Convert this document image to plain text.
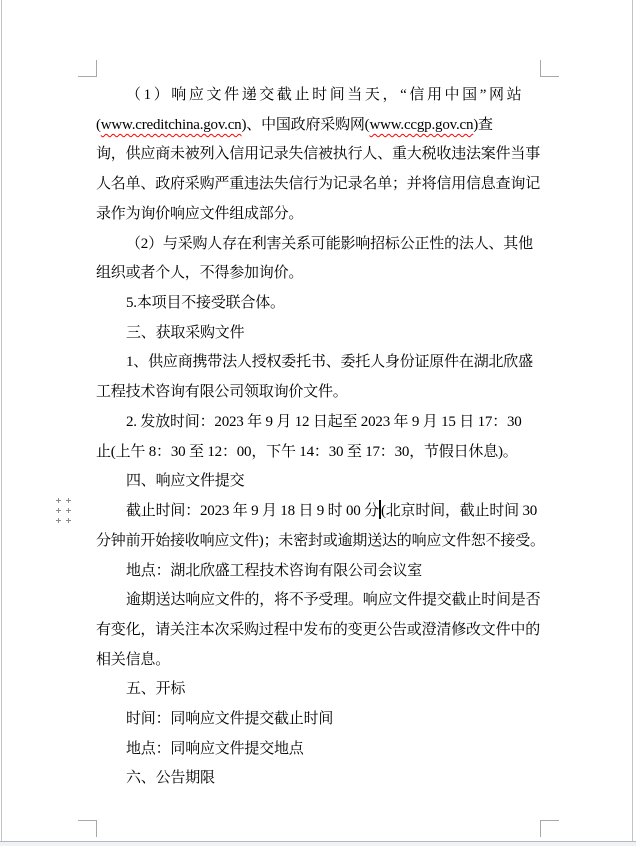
（1）响应文件递交截止时间当天，“信用中国”网站
(www.creditchina.gov.cn)、中国政府采购网(www.ccgp.gov.cn)查
询，供应商未被列入信用记录失信被执行人、重大税收违法案件当事
人名单、政府采购严重违法失信行为记录名单；并将信用信息查询记
录作为询价响应文件组成部分。
（2）与采购人存在利害关系可能影响招标公正性的法人、其他
组织或者个人，不得参加询价。
5.本项目不接受联合体。
三、获取采购文件
1、供应商携带法人授权委托书、委托人身份证原件在湖北欣盛
工程技术咨询有限公司领取询价文件。
2. 发放时间：2023 年 9 月 12 日起至 2023 年 9 月 15 日 17：30
止(上午 8：30 至 12：00，下午 14：30 至 17：30，节假日休息)。
四、响应文件提交
截止时间：2023 年 9 月 18 日 9 时 00 分 (北京时间，截止时间 30
分钟前开始接收响应文件)；未密封或逾期送达的响应文件恕不接受。
地点：湖北欣盛工程技术咨询有限公司会议室
逾期送达响应文件的，将不予受理。响应文件提交截止时间是否
有变化，请关注本次采购过程中发布的变更公告或澄清修改文件中的
相关信息。
五、开标
时间：同响应文件提交截止时间
地点：同响应文件提交地点
六、公告期限
